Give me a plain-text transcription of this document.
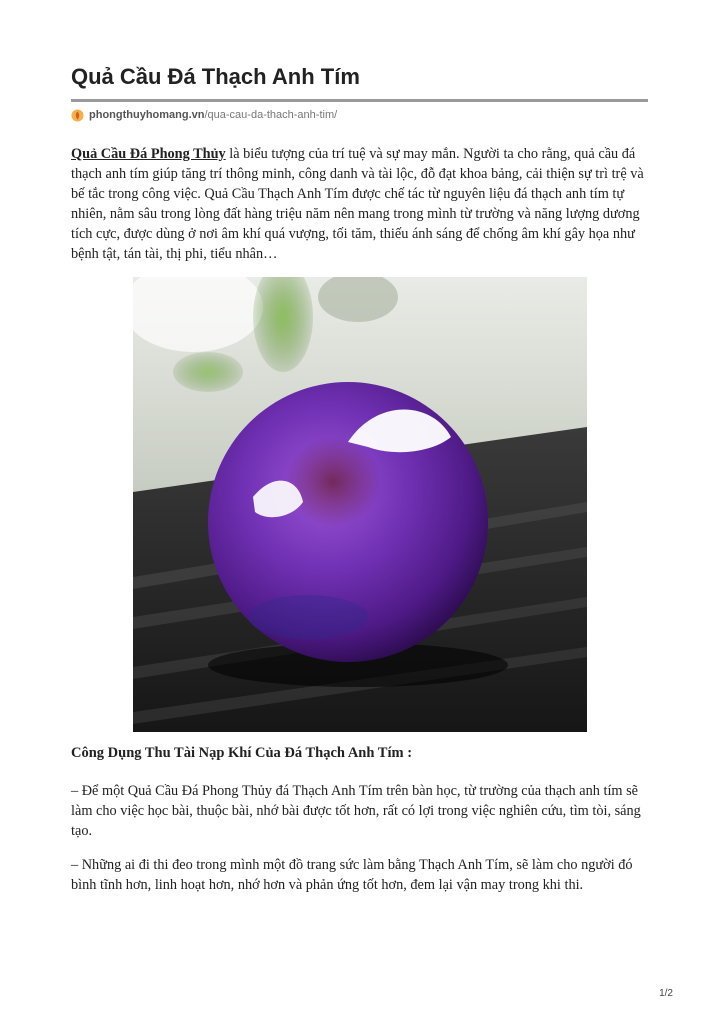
Quả Cầu Đá Thạch Anh Tím
phongthuyhomang.vn /qua-cau-da-thach-anh-tim/

Quả Cầu Đá Phong Thủy là biểu tượng của trí tuệ và sự may mắn. Người ta cho rằng, quả cầu đá thạch anh tím giúp tăng trí thông minh, công danh và tài lộc, đỗ đạt khoa bảng, cải thiện sự trì trệ và bế tắc trong công việc. Quả Cầu Thạch Anh Tím được chế tác từ nguyên liệu đá thạch anh tím tự nhiên, nằm sâu trong lòng đất hàng triệu năm nên mang trong mình từ trường và năng lượng dương tích cực, được dùng ở nơi âm khí quá vượng, tối tăm, thiếu ánh sáng để chống âm khí gây họa như bệnh tật, tán tài, thị phi, tiểu nhân…

Công Dụng Thu Tài Nạp Khí Của Đá Thạch Anh Tím :

– Để một Quả Cầu Đá Phong Thủy đá Thạch Anh Tím trên bàn học, từ trường của thạch anh tím sẽ làm cho việc học bài, thuộc bài, nhớ bài được tốt hơn, rất có lợi trong việc nghiên cứu, tìm tòi, sáng tạo.

– Những ai đi thi đeo trong mình một đồ trang sức làm bằng Thạch Anh Tím, sẽ làm cho người đó bình tĩnh hơn, linh hoạt hơn, nhớ hơn và phản ứng tốt hơn, đem lại vận may trong khi thi.

1/2
